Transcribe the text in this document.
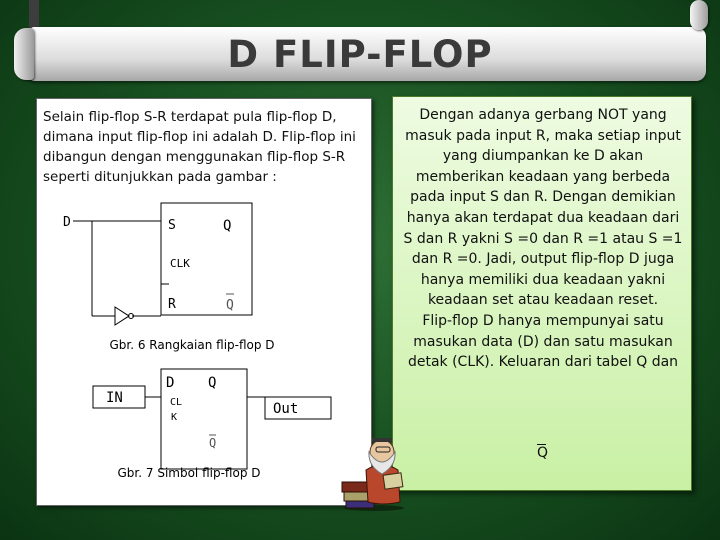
D FLIP-FLOP
Selain flip-flop S-R terdapat pula flip-flop D, dimana input flip-flop ini adalah D. Flip-flop ini dibangun dengan menggunakan flip-flop S-R seperti ditunjukkan pada gambar :
D	S	Q
CLK
R	Q
Gbr. 6 Rangkaian flip-flop D
IN
D Q
CL
K
Out
Q
Gbr. 7 Simbol flip-flop D
Dengan adanya gerbang NOT yang masuk pada input R, maka setiap input yang diumpankan ke D akan memberikan keadaan yang berbeda pada input S dan R. Dengan demikian hanya akan terdapat dua keadaan dari S dan R yakni S =0 dan R =1 atau S =1 dan R =0. Jadi, output flip-flop D juga hanya memiliki dua keadaan yakni keadaan set atau keadaan reset.
Flip-flop D hanya mempunyai satu masukan data (D) dan satu masukan detak (CLK). Keluaran dari tabel Q dan
Q
